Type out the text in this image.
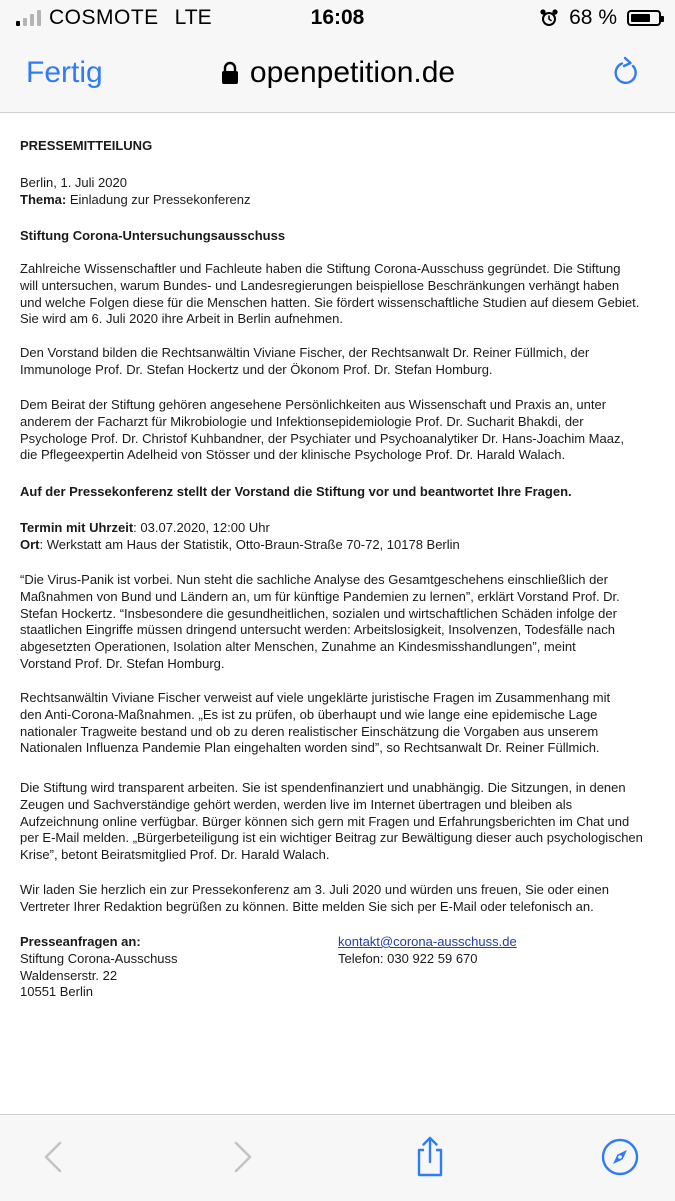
COSMOTE LTE	16:08	68 %
Fertig	openpetition.de

PRESSEMITTEILUNG

Berlin, 1. Juli 2020

Thema: Einladung zur Pressekonferenz

Stiftung Corona-Untersuchungsausschuss

Zahlreiche Wissenschaftler und Fachleute haben die Stiftung Corona-Ausschuss gegründet. Die Stiftung will untersuchen, warum Bundes- und Landesregierungen beispiellose Beschränkungen verhängt haben und welche Folgen diese für die Menschen hatten. Sie fördert wissenschaftliche Studien auf diesem Gebiet. Sie wird am 6. Juli 2020 ihre Arbeit in Berlin aufnehmen.

Den Vorstand bilden die Rechtsanwältin Viviane Fischer, der Rechtsanwalt Dr. Reiner Füllmich, der Immunologe Prof. Dr. Stefan Hockertz und der Ökonom Prof. Dr. Stefan Homburg.

Dem Beirat der Stiftung gehören angesehene Persönlichkeiten aus Wissenschaft und Praxis an, unter anderem der Facharzt für Mikrobiologie und Infektionsepidemiologie Prof. Dr. Sucharit Bhakdi, der Psychologe Prof. Dr. Christof Kuhbandner, der Psychiater und Psychoanalytiker Dr. Hans-Joachim Maaz, die Pflegeexpertin Adelheid von Stösser und der klinische Psychologe Prof. Dr. Harald Walach.

Auf der Pressekonferenz stellt der Vorstand die Stiftung vor und beantwortet Ihre Fragen.

Termin mit Uhrzeit: 03.07.2020, 12:00 Uhr

Ort: Werkstatt am Haus der Statistik, Otto-Braun-Straße 70-72, 10178 Berlin

“Die Virus-Panik ist vorbei. Nun steht die sachliche Analyse des Gesamtgeschehens einschließlich der Maßnahmen von Bund und Ländern an, um für künftige Pandemien zu lernen”, erklärt Vorstand Prof. Dr. Stefan Hockertz. “Insbesondere die gesundheitlichen, sozialen und wirtschaftlichen Schäden infolge der staatlichen Eingriffe müssen dringend untersucht werden: Arbeitslosigkeit, Insolvenzen, Todesfälle nach abgesetzten Operationen, Isolation alter Menschen, Zunahme an Kindesmisshandlungen”, meint Vorstand Prof. Dr. Stefan Homburg.

Rechtsanwältin Viviane Fischer verweist auf viele ungeklärte juristische Fragen im Zusammenhang mit den Anti-Corona-Maßnahmen. „Es ist zu prüfen, ob überhaupt und wie lange eine epidemische Lage nationaler Tragweite bestand und ob zu deren realistischer Einschätzung die Vorgaben aus unserem Nationalen Influenza Pandemie Plan eingehalten worden sind”, so Rechtsanwalt Dr. Reiner Füllmich.

Die Stiftung wird transparent arbeiten. Sie ist spendenfinanziert und unabhängig. Die Sitzungen, in denen Zeugen und Sachverständige gehört werden, werden live im Internet übertragen und bleiben als Aufzeichnung online verfügbar. Bürger können sich gern mit Fragen und Erfahrungsberichten im Chat und per E-Mail melden. „Bürgerbeteiligung ist ein wichtiger Beitrag zur Bewältigung dieser auch psychologischen Krise”, betont Beiratsmitglied Prof. Dr. Harald Walach.

Wir laden Sie herzlich ein zur Pressekonferenz am 3. Juli 2020 und würden uns freuen, Sie oder einen Vertreter Ihrer Redaktion begrüßen zu können. Bitte melden Sie sich per E-Mail oder telefonisch an.

Presseanfragen an:

Stiftung Corona-Ausschuss

Waldenserstr. 22

10551 Berlin

kontakt@corona-ausschuss.de

Telefon: 030 922 59 670
